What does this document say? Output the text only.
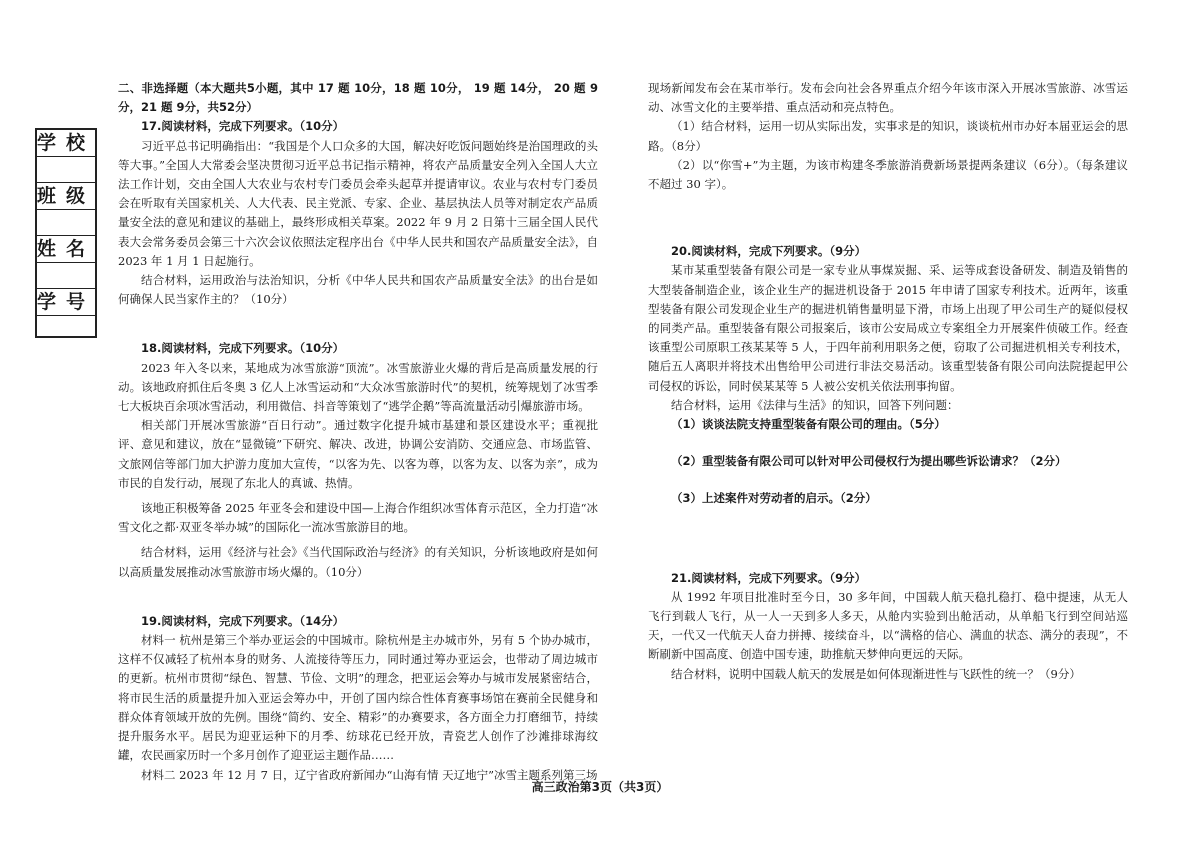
学校
班级
姓名
学号

二、非选择题（本大题共5小题，其中 17 题 10分，18 题 10分， 19 题 14分， 20 题 9分，21 题 9分，共52分）

17.阅读材料，完成下列要求。（10分）

习近平总书记明确指出：“我国是个人口众多的大国，解决好吃饭问题始终是治国理政的头等大事。”全国人大常委会坚决贯彻习近平总书记指示精神，将农产品质量安全列入全国人大立法工作计划，交由全国人大农业与农村专门委员会牵头起草并提请审议。农业与农村专门委员会在听取有关国家机关、人大代表、民主党派、专家、企业、基层执法人员等对制定农产品质量安全法的意见和建议的基础上，最终形成相关草案。2022 年 9 月 2 日第十三届全国人民代表大会常务委员会第三十六次会议依照法定程序出台《中华人民共和国农产品质量安全法》，自 2023 年 1 月 1 日起施行。

结合材料，运用政治与法治知识，分析《中华人民共和国农产品质量安全法》的出台是如何确保人民当家作主的？（10分）

18.阅读材料，完成下列要求。（10分）

2023 年入冬以来，某地成为冰雪旅游“顶流”。冰雪旅游业火爆的背后是高质量发展的行动。该地政府抓住后冬奥 3 亿人上冰雪运动和“大众冰雪旅游时代”的契机，统筹规划了冰雪季七大板块百余项冰雪活动，利用微信、抖音等策划了“逃学企鹅”等高流量活动引爆旅游市场。

相关部门开展冰雪旅游“百日行动”。通过数字化提升城市基建和景区建设水平；重视批评、意见和建议，放在“显微镜”下研究、解决、改进，协调公安消防、交通应急、市场监管、文旅网信等部门加大护游力度加大宣传，“以客为先、以客为尊，以客为友、以客为亲”，成为市民的自发行动，展现了东北人的真诚、热情。

该地正积极筹备 2025 年亚冬会和建设中国—上海合作组织冰雪体育示范区，全力打造“冰雪文化之都·双亚冬举办城”的国际化一流冰雪旅游目的地。

结合材料，运用《经济与社会》《当代国际政治与经济》的有关知识，分析该地政府是如何以高质量发展推动冰雪旅游市场火爆的。（10分）

19.阅读材料，完成下列要求。（14分）

材料一 杭州是第三个举办亚运会的中国城市。除杭州是主办城市外，另有 5 个协办城市，这样不仅减轻了杭州本身的财务、人流接待等压力，同时通过筹办亚运会，也带动了周边城市的更新。杭州市贯彻“绿色、智慧、节俭、文明”的理念，把亚运会筹办与城市发展紧密结合，将市民生活的质量提升加入亚运会筹办中，开创了国内综合性体育赛事场馆在赛前全民健身和群众体育领域开放的先例。围绕“简约、安全、精彩”的办赛要求，各方面全力打磨细节，持续提升服务水平。居民为迎亚运种下的月季、纺球花已经开放，青瓷艺人创作了沙滩排球海纹罐，农民画家历时一个多月创作了迎亚运主题作品……

材料二 2023 年 12 月 7 日，辽宁省政府新闻办“山海有情 天辽地宁”冰雪主题系列第三场

现场新闻发布会在某市举行。发布会向社会各界重点介绍今年该市深入开展冰雪旅游、冰雪运动、冰雪文化的主要举措、重点活动和亮点特色。

（1）结合材料，运用一切从实际出发，实事求是的知识，谈谈杭州市办好本届亚运会的思路。（8分）

（2）以“你雪+”为主题，为该市构建冬季旅游消费新场景提两条建议（6分）。（每条建议不超过 30 字）。

20.阅读材料，完成下列要求。（9分）

某市某重型装备有限公司是一家专业从事煤炭掘、采、运等成套设备研发、制造及销售的大型装备制造企业，该企业生产的掘进机设备于 2015 年申请了国家专利技术。近两年，该重型装备有限公司发现企业生产的掘进机销售量明显下滑，市场上出现了甲公司生产的疑似侵权的同类产品。重型装备有限公司报案后，该市公安局成立专案组全力开展案件侦破工作。经查该重型公司原职工孩某某等 5 人，于四年前利用职务之便，窃取了公司掘进机相关专利技术，随后五人离职并将技术出售给甲公司进行非法交易活动。该重型装备有限公司向法院提起甲公司侵权的诉讼，同时侯某某等 5 人被公安机关依法刑事拘留。

结合材料，运用《法律与生活》的知识，回答下列问题：

（1）谈谈法院支持重型装备有限公司的理由。（5分）

（2）重型装备有限公司可以针对甲公司侵权行为提出哪些诉讼请求？（2分）

（3）上述案件对劳动者的启示。（2分）

21.阅读材料，完成下列要求。（9分）

从 1992 年项目批准时至今日，30 多年间，中国载人航天稳扎稳打、稳中提速，从无人飞行到载人飞行，从一人一天到多人多天，从舱内实验到出舱活动，从单船飞行到空间站巡天，一代又一代航天人奋力拼搏、接续奋斗，以“满格的信心、满血的状态、满分的表现”，不断刷新中国高度、创造中国专速，助推航天梦伸向更远的天际。

结合材料，说明中国载人航天的发展是如何体现渐进性与飞跃性的统一？（9分）

高三政治第3页（共3页）
